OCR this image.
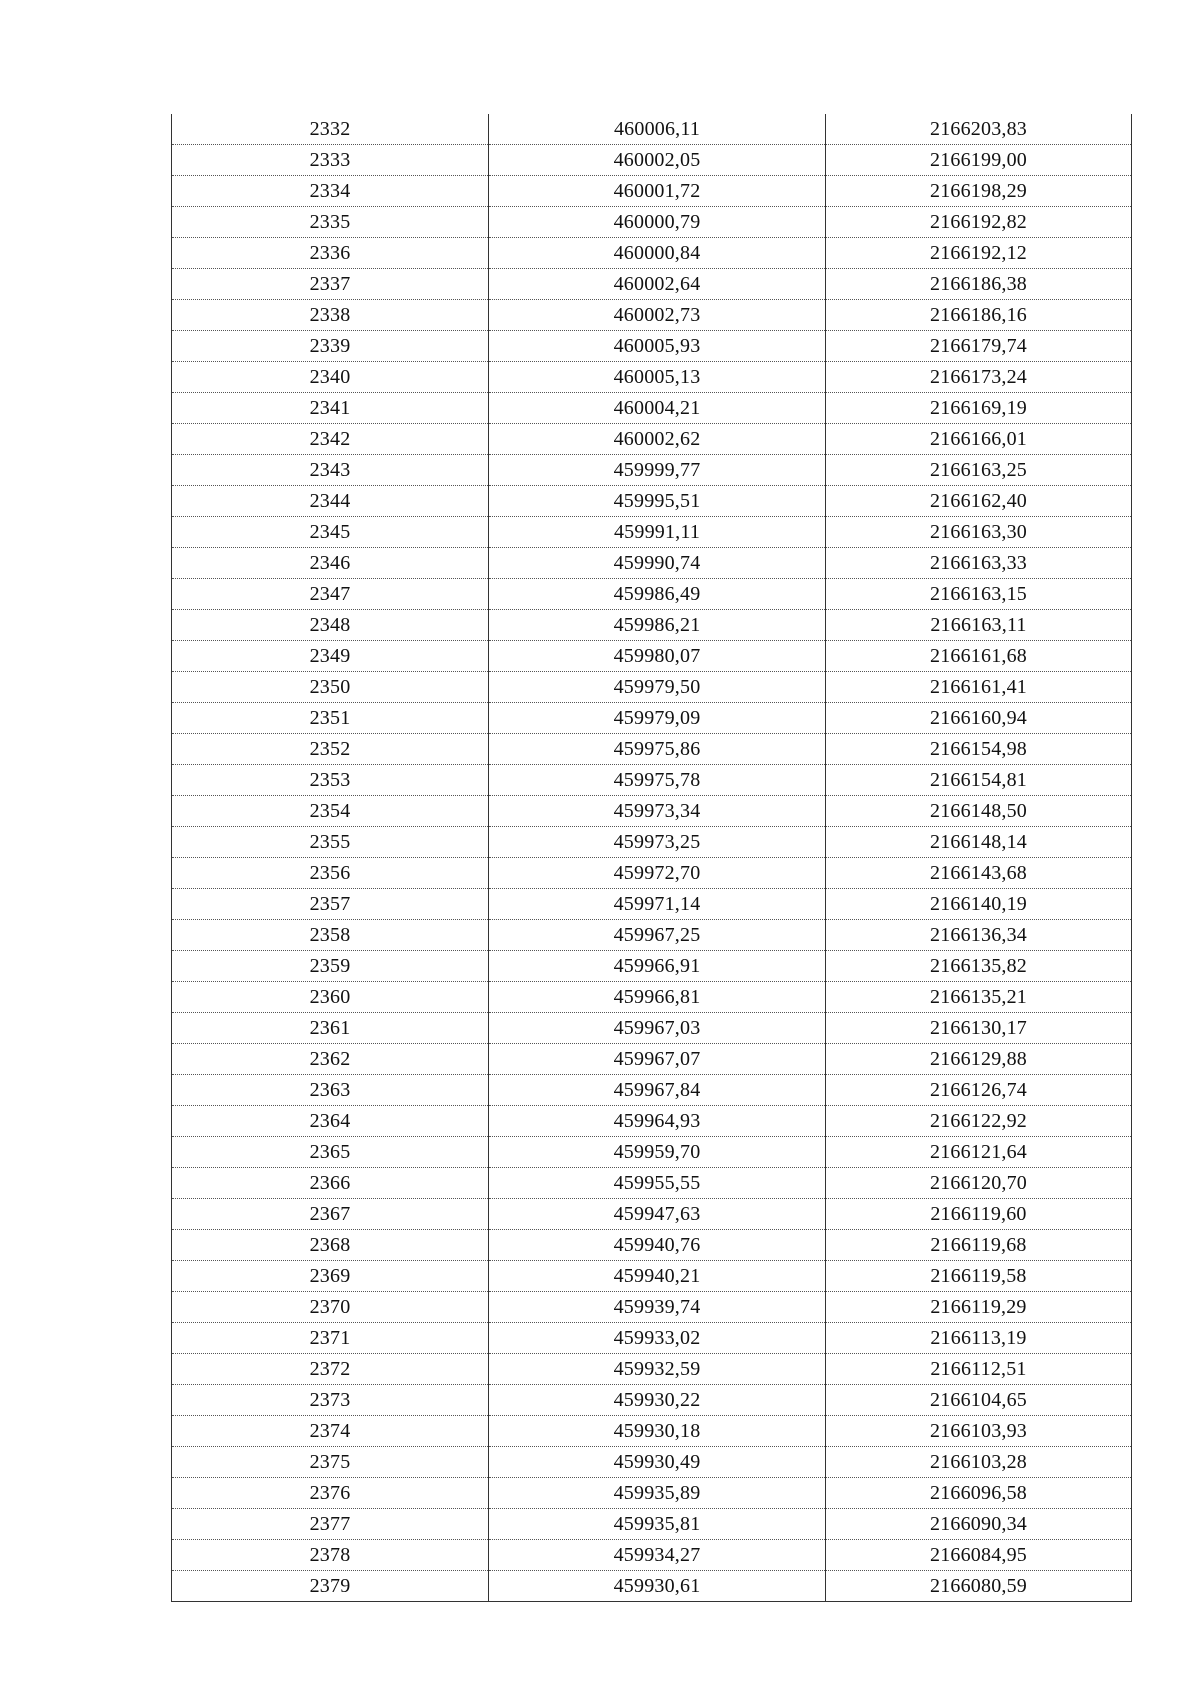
2332	460006,11	2166203,83
2333	460002,05	2166199,00
2334	460001,72	2166198,29
2335	460000,79	2166192,82
2336	460000,84	2166192,12
2337	460002,64	2166186,38
2338	460002,73	2166186,16
2339	460005,93	2166179,74
2340	460005,13	2166173,24
2341	460004,21	2166169,19
2342	460002,62	2166166,01
2343	459999,77	2166163,25
2344	459995,51	2166162,40
2345	459991,11	2166163,30
2346	459990,74	2166163,33
2347	459986,49	2166163,15
2348	459986,21	2166163,11
2349	459980,07	2166161,68
2350	459979,50	2166161,41
2351	459979,09	2166160,94
2352	459975,86	2166154,98
2353	459975,78	2166154,81
2354	459973,34	2166148,50
2355	459973,25	2166148,14
2356	459972,70	2166143,68
2357	459971,14	2166140,19
2358	459967,25	2166136,34
2359	459966,91	2166135,82
2360	459966,81	2166135,21
2361	459967,03	2166130,17
2362	459967,07	2166129,88
2363	459967,84	2166126,74
2364	459964,93	2166122,92
2365	459959,70	2166121,64
2366	459955,55	2166120,70
2367	459947,63	2166119,60
2368	459940,76	2166119,68
2369	459940,21	2166119,58
2370	459939,74	2166119,29
2371	459933,02	2166113,19
2372	459932,59	2166112,51
2373	459930,22	2166104,65
2374	459930,18	2166103,93
2375	459930,49	2166103,28
2376	459935,89	2166096,58
2377	459935,81	2166090,34
2378	459934,27	2166084,95
2379	459930,61	2166080,59
